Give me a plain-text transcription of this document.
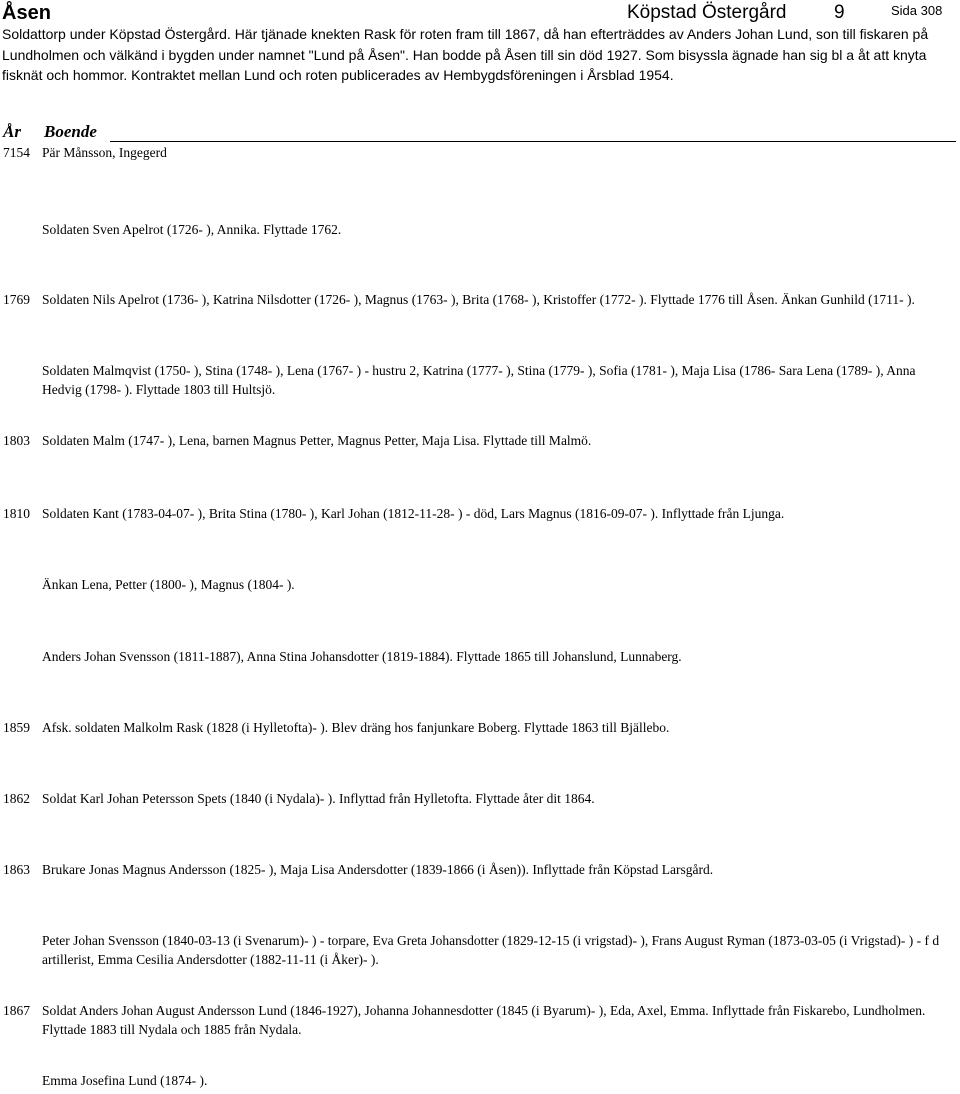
Åsen	Köpstad Östergård	9	Sida 308
Soldattorp under Köpstad Östergård. Här tjänade knekten Rask för roten fram till 1867, då han efterträddes av Anders Johan Lund, son till fiskaren på Lundholmen och välkänd i bygden under namnet "Lund på Åsen". Han bodde på Åsen till sin död 1927. Som bisyssla ägnade han sig bl a åt att knyta fisknät och hommor. Kontraktet mellan Lund och roten publicerades av Hembygdsföreningen i Årsblad 1954.
År Boende
7154 Pär Månsson, Ingegerd
Soldaten Sven Apelrot (1726- ), Annika. Flyttade 1762.
1769 Soldaten Nils Apelrot (1736- ), Katrina Nilsdotter (1726- ), Magnus (1763- ), Brita (1768- ), Kristoffer (1772- ). Flyttade 1776 till Åsen. Änkan Gunhild (1711- ).
Soldaten Malmqvist (1750- ), Stina (1748- ), Lena (1767- ) - hustru 2, Katrina (1777- ), Stina (1779- ), Sofia (1781- ), Maja Lisa (1786- Sara Lena (1789- ), Anna Hedvig (1798- ). Flyttade 1803 till Hultsjö.
1803 Soldaten Malm (1747- ), Lena, barnen Magnus Petter, Magnus Petter, Maja Lisa. Flyttade till Malmö.
1810 Soldaten Kant (1783-04-07- ), Brita Stina (1780- ), Karl Johan (1812-11-28- ) - död, Lars Magnus (1816-09-07- ). Inflyttade från Ljunga.
Änkan Lena, Petter (1800- ), Magnus (1804- ).
Anders Johan Svensson (1811-1887), Anna Stina Johansdotter (1819-1884). Flyttade 1865 till Johanslund, Lunnaberg.
1859 Afsk. soldaten Malkolm Rask (1828 (i Hylletofta)- ). Blev dräng hos fanjunkare Boberg. Flyttade 1863 till Bjällebo.
1862 Soldat Karl Johan Petersson Spets (1840 (i Nydala)- ). Inflyttad från Hylletofta. Flyttade åter dit 1864.
1863 Brukare Jonas Magnus Andersson (1825- ), Maja Lisa Andersdotter (1839-1866 (i Åsen)). Inflyttade från Köpstad Larsgård.
Peter Johan Svensson (1840-03-13 (i Svenarum)- ) - torpare, Eva Greta Johansdotter (1829-12-15 (i vrigstad)- ), Frans August Ryman (1873-03-05 (i Vrigstad)- ) - f d artillerist, Emma Cesilia Andersdotter (1882-11-11 (i Åker)- ).
1867 Soldat Anders Johan August Andersson Lund (1846-1927), Johanna Johannesdotter (1845 (i Byarum)- ), Eda, Axel, Emma. Inflyttade från Fiskarebo, Lundholmen. Flyttade 1883 till Nydala och 1885 från Nydala.
Emma Josefina Lund (1874- ).
